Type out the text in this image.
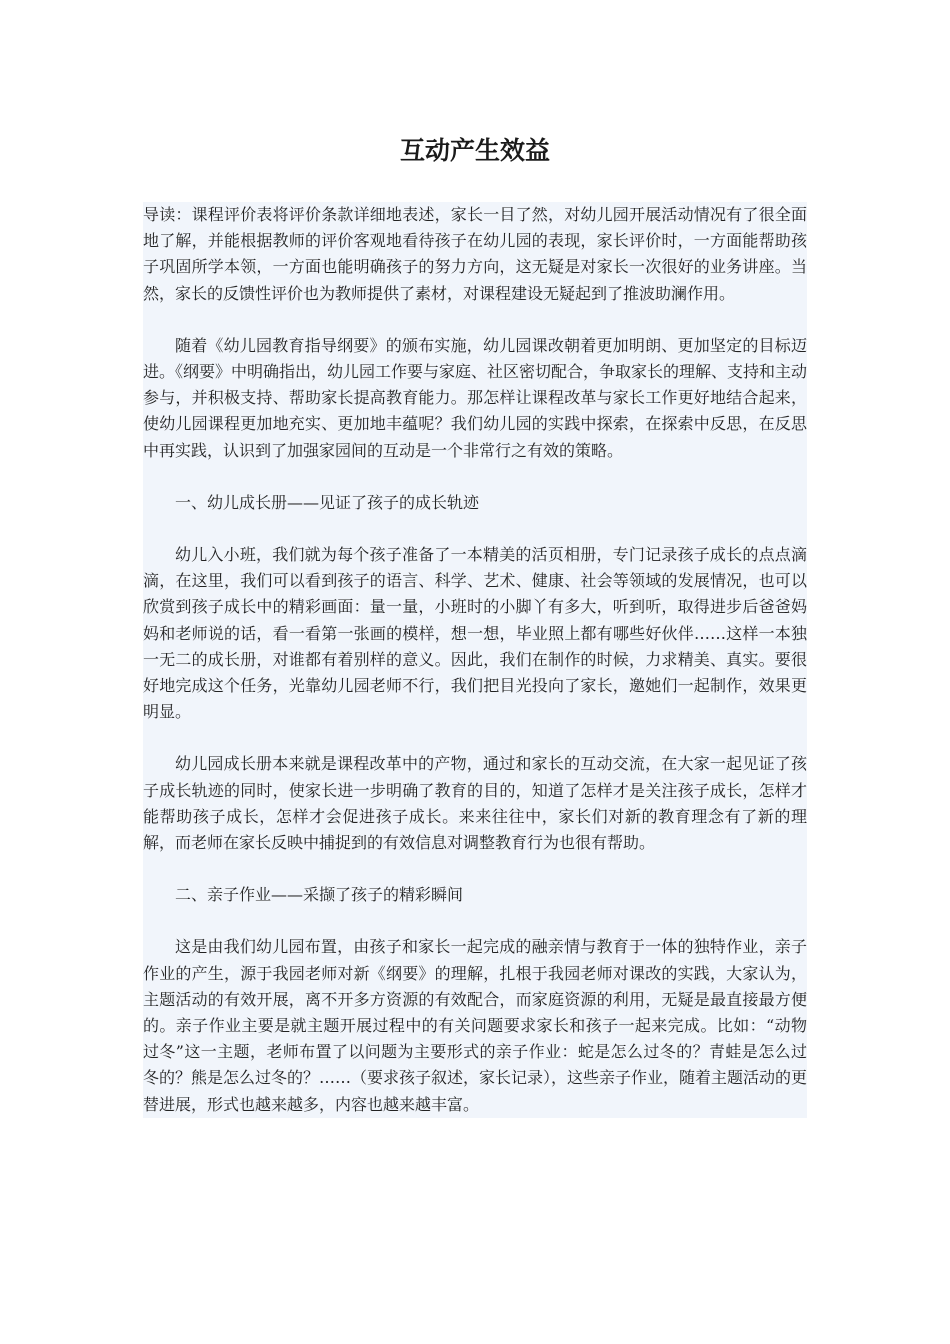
互动产生效益

导读：课程评价表将评价条款详细地表述，家长一目了然，对幼儿园开展活动情况有了很全面地了解，并能根据教师的评价客观地看待孩子在幼儿园的表现，家长评价时，一方面能帮助孩子巩固所学本领，一方面也能明确孩子的努力方向，这无疑是对家长一次很好的业务讲座。当然，家长的反馈性评价也为教师提供了素材，对课程建设无疑起到了推波助澜作用。

随着《幼儿园教育指导纲要》的颁布实施，幼儿园课改朝着更加明朗、更加坚定的目标迈进。《纲要》中明确指出，幼儿园工作要与家庭、社区密切配合，争取家长的理解、支持和主动参与，并积极支持、帮助家长提高教育能力。那怎样让课程改革与家长工作更好地结合起来，使幼儿园课程更加地充实、更加地丰蕴呢？我们幼儿园的实践中探索，在探索中反思，在反思中再实践，认识到了加强家园间的互动是一个非常行之有效的策略。

一、幼儿成长册——见证了孩子的成长轨迹

幼儿入小班，我们就为每个孩子准备了一本精美的活页相册，专门记录孩子成长的点点滴滴，在这里，我们可以看到孩子的语言、科学、艺术、健康、社会等领域的发展情况，也可以欣赏到孩子成长中的精彩画面：量一量，小班时的小脚丫有多大，听到听，取得进步后爸爸妈妈和老师说的话，看一看第一张画的模样，想一想，毕业照上都有哪些好伙伴……这样一本独一无二的成长册，对谁都有着别样的意义。因此，我们在制作的时候，力求精美、真实。要很好地完成这个任务，光靠幼儿园老师不行，我们把目光投向了家长，邀她们一起制作，效果更明显。

幼儿园成长册本来就是课程改革中的产物，通过和家长的互动交流，在大家一起见证了孩子成长轨迹的同时，使家长进一步明确了教育的目的，知道了怎样才是关注孩子成长，怎样才能帮助孩子成长，怎样才会促进孩子成长。来来往往中，家长们对新的教育理念有了新的理解，而老师在家长反映中捕捉到的有效信息对调整教育行为也很有帮助。

二、亲子作业——采撷了孩子的精彩瞬间

这是由我们幼儿园布置，由孩子和家长一起完成的融亲情与教育于一体的独特作业，亲子作业的产生，源于我园老师对新《纲要》的理解，扎根于我园老师对课改的实践，大家认为，主题活动的有效开展，离不开多方资源的有效配合，而家庭资源的利用，无疑是最直接最方便的。亲子作业主要是就主题开展过程中的有关问题要求家长和孩子一起来完成。比如：“动物过冬”这一主题，老师布置了以问题为主要形式的亲子作业：蛇是怎么过冬的？青蛙是怎么过冬的？熊是怎么过冬的？……（要求孩子叙述，家长记录），这些亲子作业，随着主题活动的更替进展，形式也越来越多，内容也越来越丰富。
